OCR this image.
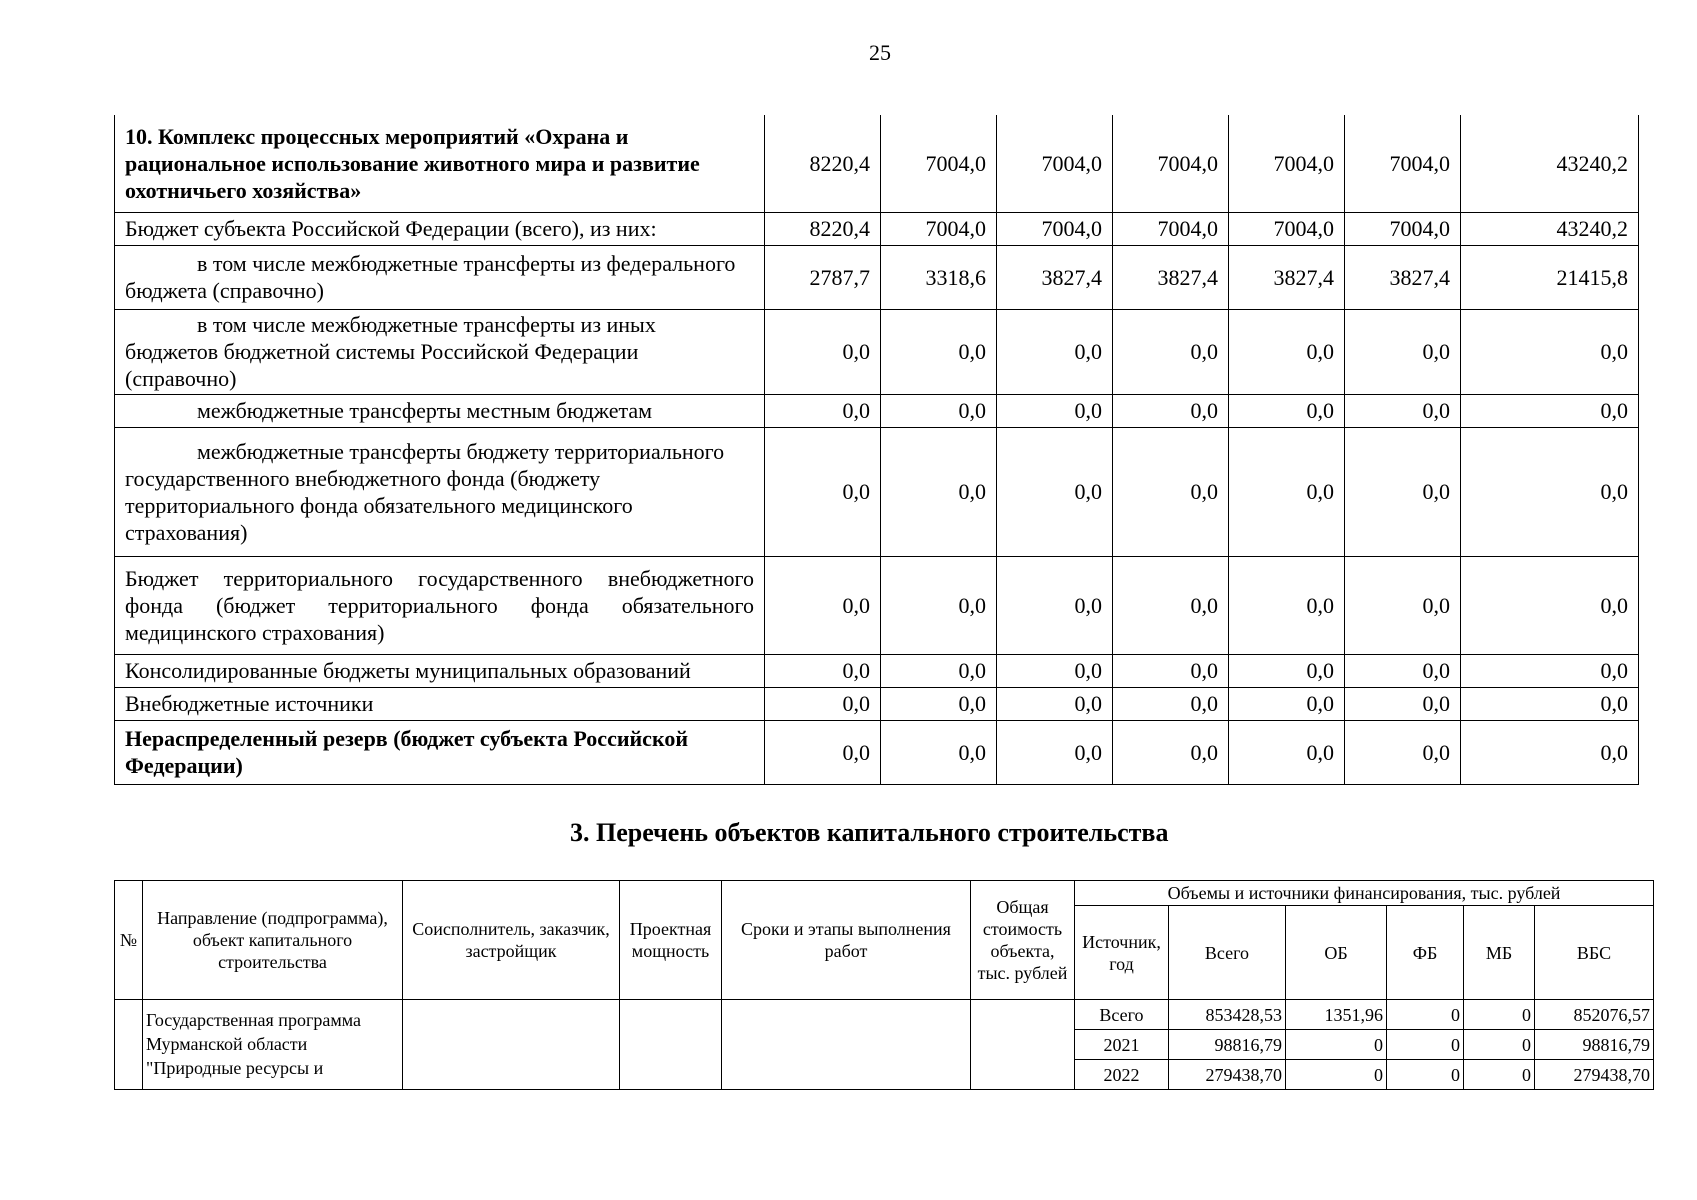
25
10. Комплекс процессных мероприятий «Охрана и рациональное использование животного мира и развитие охотничьего хозяйства»	8220,4	7004,0	7004,0	7004,0	7004,0	7004,0	43240,2
Бюджет субъекта Российской Федерации (всего), из них:	8220,4	7004,0	7004,0	7004,0	7004,0	7004,0	43240,2
в том числе межбюджетные трансферты из федерального бюджета (справочно)	2787,7	3318,6	3827,4	3827,4	3827,4	3827,4	21415,8
в том числе межбюджетные трансферты из иных бюджетов бюджетной системы Российской Федерации (справочно)	0,0	0,0	0,0	0,0	0,0	0,0	0,0
межбюджетные трансферты местным бюджетам	0,0	0,0	0,0	0,0	0,0	0,0	0,0
межбюджетные трансферты бюджету территориального государственного внебюджетного фонда (бюджету территориального фонда обязательного медицинского страхования)	0,0	0,0	0,0	0,0	0,0	0,0	0,0
Бюджет территориального государственного внебюджетного фонда (бюджет территориального фонда обязательного медицинского страхования)	0,0	0,0	0,0	0,0	0,0	0,0	0,0
Консолидированные бюджеты муниципальных образований	0,0	0,0	0,0	0,0	0,0	0,0	0,0
Внебюджетные источники	0,0	0,0	0,0	0,0	0,0	0,0	0,0
Нераспределенный резерв (бюджет субъекта Российской Федерации)	0,0	0,0	0,0	0,0	0,0	0,0	0,0
3. Перечень объектов капитального строительства
№	Направление (подпрограмма), объект капитального строительства	Соисполнитель, заказчик, застройщик	Проектная мощность	Сроки и этапы выполнения работ	Общая стоимость объекта, тыс. рублей	Объемы и источники финансирования, тыс. рублей					
						Источник, год	Всего	ОБ	ФБ	МБ	ВБС
	Государственная программа Мурманской области "Природные ресурсы и					Всего	853428,53	1351,96	0	0	852076,57
						2021	98816,79	0	0	0	98816,79
						2022	279438,70	0	0	0	279438,70
